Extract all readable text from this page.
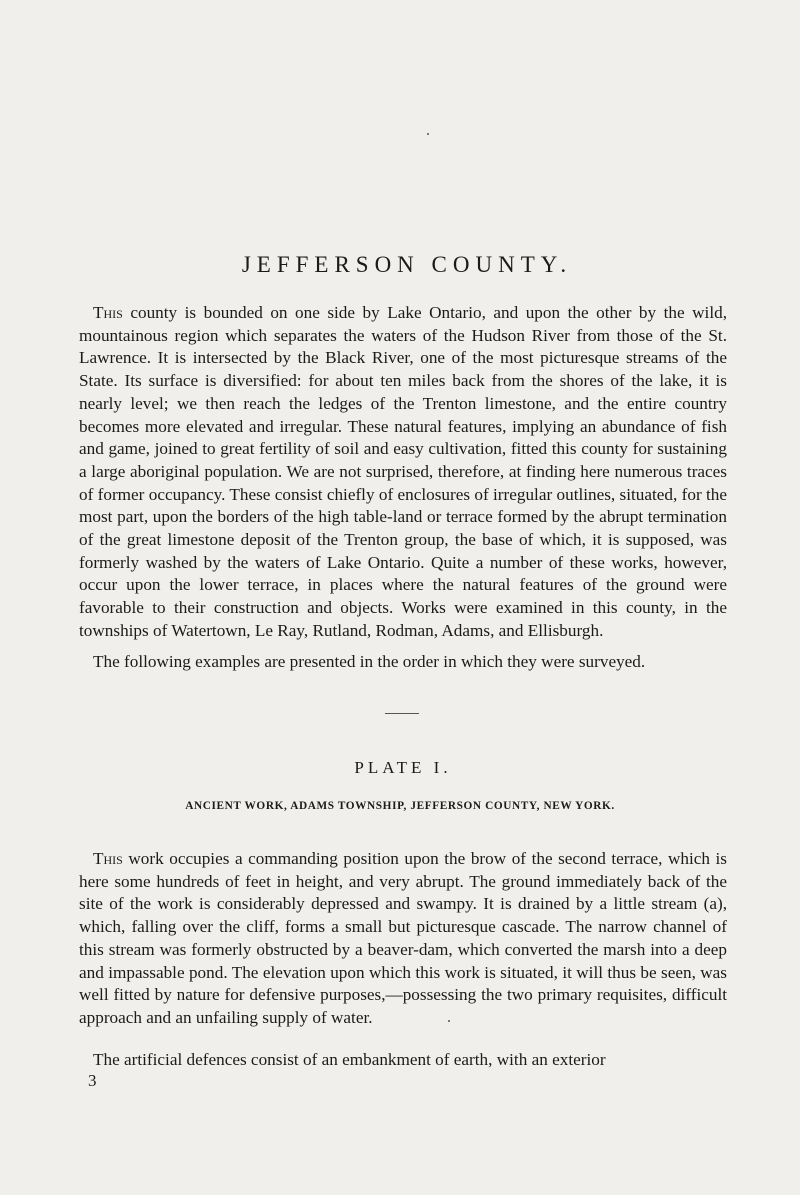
JEFFERSON COUNTY.

This county is bounded on one side by Lake Ontario, and upon the other by the wild, mountainous region which separates the waters of the Hudson River from those of the St. Lawrence. It is intersected by the Black River, one of the most picturesque streams of the State. Its surface is diversified: for about ten miles back from the shores of the lake, it is nearly level; we then reach the ledges of the Trenton limestone, and the entire country becomes more elevated and irregular. These natural features, implying an abundance of fish and game, joined to great fertility of soil and easy cultivation, fitted this county for sustaining a large aboriginal population. We are not surprised, therefore, at finding here numerous traces of former occupancy. These consist chiefly of enclosures of irregular outlines, situated, for the most part, upon the borders of the high table-land or terrace formed by the abrupt termination of the great limestone deposit of the Trenton group, the base of which, it is supposed, was formerly washed by the waters of Lake Ontario. Quite a number of these works, however, occur upon the lower terrace, in places where the natural features of the ground were favorable to their construction and objects. Works were examined in this county, in the townships of Watertown, Le Ray, Rutland, Rodman, Adams, and Ellisburgh.

The following examples are presented in the order in which they were surveyed.

PLATE I.
ANCIENT WORK, ADAMS TOWNSHIP, JEFFERSON COUNTY, NEW YORK.

This work occupies a commanding position upon the brow of the second terrace, which is here some hundreds of feet in height, and very abrupt. The ground immediately back of the site of the work is considerably depressed and swampy. It is drained by a little stream (a), which, falling over the cliff, forms a small but picturesque cascade. The narrow channel of this stream was formerly obstructed by a beaver-dam, which converted the marsh into a deep and impassable pond. The elevation upon which this work is situated, it will thus be seen, was well fitted by nature for defensive purposes,—possessing the two primary requisites, difficult approach and an unfailing supply of water.

The artificial defences consist of an embankment of earth, with an exterior

3
